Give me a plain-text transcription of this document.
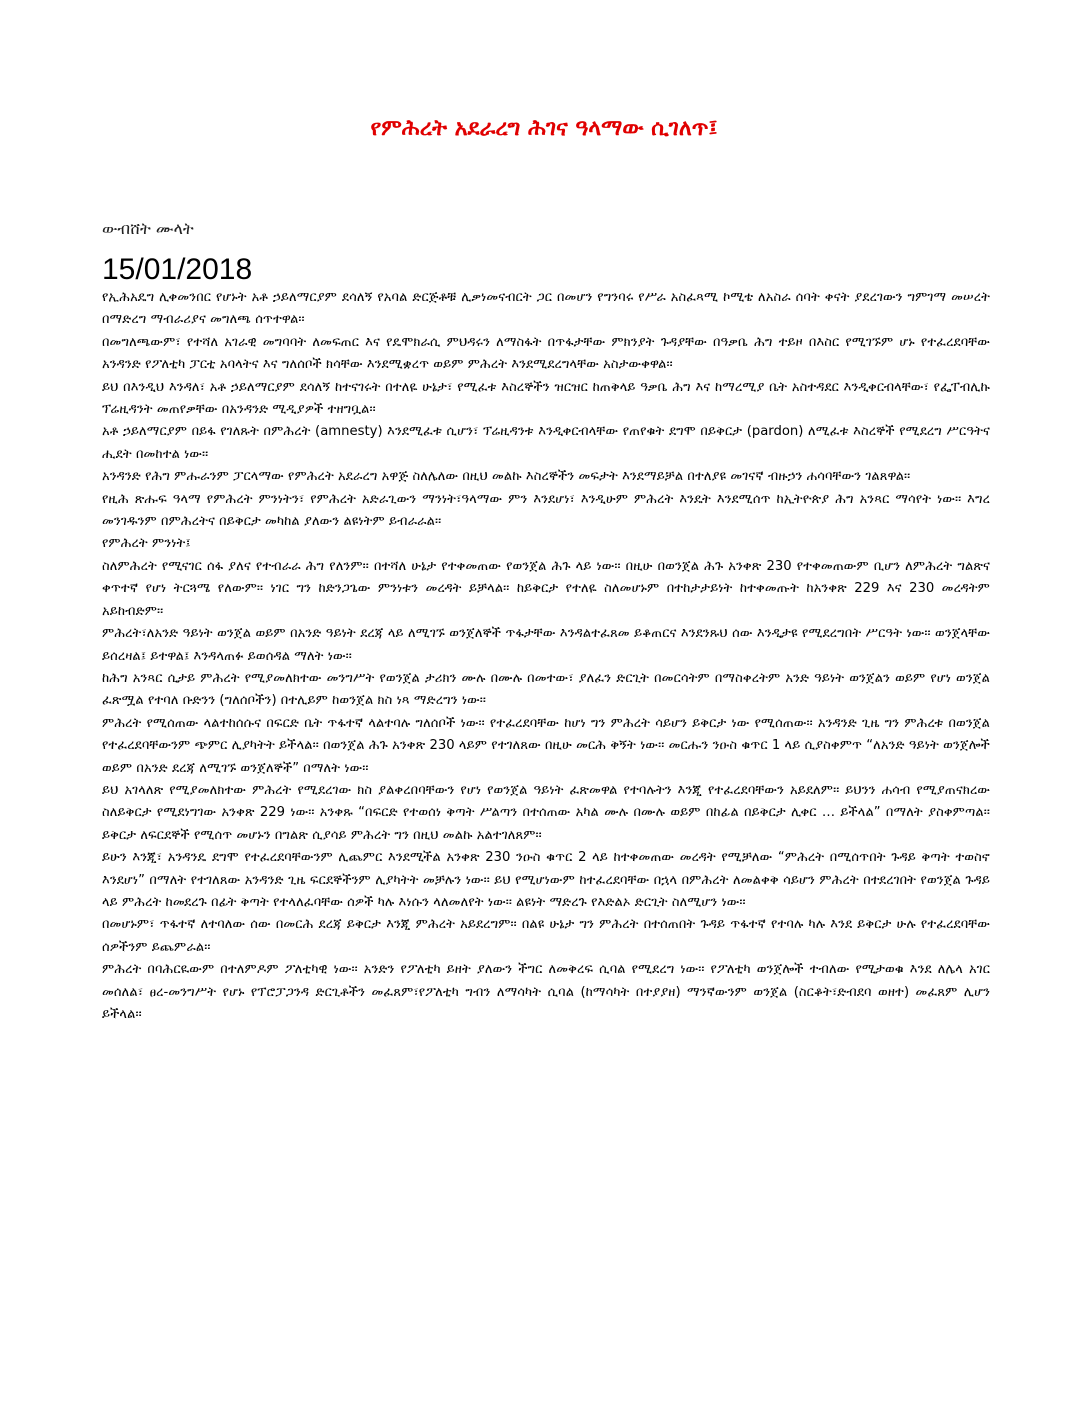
የምሕረት አደራረግ ሕገና ዓላማው ሲገለጥ፤
ውብሸት ሙላት
15/01/2018

የኢሕአዴግ ሊቀመንበር የሆኑት አቶ ኃይለማርያም ደሳለኝ የአባል ድርጅቶቹ ሊቃነመናብርት ጋር በመሆን የግንባሩ የሥራ አስፈጻሚ ኮሚቴ ለአስራ ሰባት ቀናት ያደረገውን ግምገማ መሠረት በማድረግ ማብራሪያና መግለጫ ሰጥተዋል፡፡

በመግለጫውም፣ የተሻለ አገራዊ መግባባት ለመፍጠር እና የዴሞክራሲ ምህዳሩን ለማስፋት በጥፋታቸው ምክንያት ጉዳያቸው በዓቃቤ ሕግ ተይዞ በእስር የሚገኙም ሆኑ የተፈረደባቸው አንዳንድ የፖለቲካ ፓርቲ አባላትና እና ግለሰቦች ክሳቸው እንደሚቋረጥ ወይም ምሕረት እንደሚደረግላቸው አስታውቀዋል፡፡

ይህ በእንዲህ እንዳለ፣ አቶ ኃይለማርያም ደሳለኝ ከተናገሩት በተለዬ ሁኔታ፣ የሚፈቱ እስረኞችን ዝርዝር ከጠቅላይ ዓቃቤ ሕግ እና ከማረሚያ ቤት አስተዳደር እንዲቀርብላቸው፣ የፌፐብሊኩ ፕሬዚዳንት መጠየቃቸው በአንዳንድ ሚዲያዎች ተዘግቧል፡፡

አቶ ኃይለማርያም በይፋ የገለጹት በምሕረት (amnesty) እንደሚፈቱ ሲሆን፣ ፕሬዚዳንቱ እንዲቀርብላቸው የጠየቁት ደግሞ በይቅርታ (pardon) ለሚፈቱ እስረኞች የሚደረግ ሥርዓትና ሒደት በመከተል ነው፡፡

አንዳንድ የሕግ ምሑራንም ፓርላማው የምሕረት አደራረግ አዋጅ ስለሌለው በዚህ መልኩ እስረኞችን መፍታት እንደማይቻል በተለያዩ መገናኛ ብዙኃን ሐሳባቸውን ገልጸዋል፡፡

የዚሕ ጽሑፍ ዓላማ የምሕረት ምንነትን፣ የምሕረት አድራጊውን ማንነት፣ዓላማው ምን እንደሆነ፣ እንዲሁም ምሕረት እንዴት እንደሚሰጥ ከኢትዮጵያ ሕግ አንጻር ማሳየት ነው፡፡ እግረ መንገዱንም በምሕረትና በይቅርታ መካከል ያለውን ልዩነትም ይብራራል፡፡

የምሕረት ምንነት፤

ስለምሕረት የሚናገር ሰፋ ያለና የተብራራ ሕግ የለንም፡፡ በተሻለ ሁኔታ የተቀመጠው የወንጀል ሕጉ ላይ ነው፡፡ በዚሁ በወንጀል ሕጉ አንቀጽ 230 የተቀመጠውም ቢሆን ለምሕረት ግልጽና ቀጥተኛ የሆነ ትርጓሜ የለውም፡፡ ነገር ግን ከድንጋጌው ምንነቱን መረዳት ይቻላል፡፡ ከይቅርታ የተለዬ ስለመሆኑም በተከታታይነት ከተቀመጡት ከአንቀጽ 229 እና 230 መረዳትም አይከብድም፡፡

ምሕረት፣ለአንድ ዓይነት ወንጀል ወይም በአንድ ዓይነት ደረጃ ላይ ለሚገኙ ወንጀለኞች ጥፋታቸው እንዳልተፈጸመ ይቆጠርና እንደንጹህ ሰው እንዲታዩ የሚደረግበት ሥርዓት ነው፡፡ ወንጀላቸው ይሰረዛል፤ ይተዋል፤ እንዳላጠፉ ይወሰዳል ማለት ነው፡፡

ከሕግ አንጻር ሲታይ ምሕረት የሚያመለክተው መንግሥት የወንጀል ታሪክን ሙሉ በሙሉ በመተው፣ ያለፈን ድርጊት በመርሳትም በማስቀረትም አንድ ዓይነት ወንጀልን ወይም የሆነ ወንጀል ፈጽሟል የተባለ ቡድንን (ግለሰቦችን) በተሊይም ከወንጀል ክስ ነጻ ማድረግን ነው፡፡

ምሕረት የሚሰጠው ላልተከሰሱና በፍርድ ቤት ጥፋተኛ ላልተባሉ ግለሰቦች ነው፡፡ የተፈረደባቸው ከሆነ ግን ምሕረት ሳይሆን ይቅርታ ነው የሚሰጠው፡፡ አንዳንድ ጊዜ ግን ምሕረቱ በወንጀል የተፈረደባቸውንም ጭምር ሊያካትት ይችላል፡፡ በወንጀል ሕጉ አንቀጽ 230 ላይም የተገለጸው በዚሁ መርሕ ቅኝት ነው፡፡ መርሑን ንዑስ ቁጥር 1 ላይ ሲያስቀምጥ “ለአንድ ዓይነት ወንጀሎች ወይም በአንድ ደረጃ ለሚገኙ ወንጀለኞች” በማለት ነው፡፡

ይህ አገላለጽ የሚያመለክተው ምሕረት የሚደረገው ክስ ያልቀረበባቸውን የሆነ የወንጀል ዓይነት ፈጽመዋል የተባሉትን እንጂ የተፈረደባቸውን አይደለም፡፡ ይህንን ሐሳብ የሚያጠናክረው ስለይቅርታ የሚደነግገው አንቀጽ 229 ነው፡፡ አንቀጹ “በፍርድ የተወሰነ ቅጣት ሥልጣን በተሰጠው አካል ሙሉ በሙሉ ወይም በከፊል በይቅርታ ሊቀር … ይችላል” በማለት ያስቀምጣል፡፡ ይቅርታ ለፍርደኞች የሚሰጥ መሆኑን በግልጽ ሲያሳይ ምሕረት ግን በዚህ መልኩ አልተገለጸም፡፡

ይሁን እንጂ፣ አንዳንዴ ደግሞ የተፈረደባቸውንም ሊጨምር እንደሚችል አንቀጽ 230 ንዑስ ቁጥር 2 ላይ ከተቀመጠው መረዳት የሚቻለው “ምሕረት በሚሰጥበት ጉዳይ ቅጣት ተወስኖ እንደሆነ” በማለት የተገለጸው አንዳንድ ጊዜ ፍርደኞችንም ሊያካትት መቻሉን ነው፡፡ ይህ የሚሆነውም ከተፈረደባቸው በኋላ በምሕረት ለመልቀቅ ሳይሆን ምሕረት በተደረገበት የወንጀል ጉዳይ ላይ ምሕረት ከመደረጉ በፊት ቅጣት የተላለፈባቸው ሰዎች ካሉ እነሱን ላለመለየት ነው፡፡ ልዩነት ማድረጉ የእድልኦ ድርጊት ስለሚሆን ነው፡፡

በመሆኑም፣ ጥፋተኛ ለተባለው ሰው በመርሕ ደረጃ ይቅርታ እንጂ ምሕረት አይደረግም፡፡ በልዩ ሁኔታ ግን ምሕረት በተሰጠበት ጉዳይ ጥፋተኛ የተባሉ ካሉ እንደ ይቅርታ ሁሉ የተፈረደባቸው ሰዎችንም ይጨምራል፡፡

ምሕረት በባሕርዪውም በተለምዶም ፖለቲካዊ ነው፡፡ አንድን የፖለቲካ ይዘት ያለውን ችግር ለመቅረፍ ሲባል የሚደረግ ነው፡፡ የፖለቲካ ወንጀሎች ተብለው የሚታወቁ እንደ ለሌላ አገር መሰለል፣ ፀረ-መንግሥት የሆኑ የፕሮፓጋንዳ ድርጊቶችን መፈጸም፣የፖለቲካ ግብን ለማሳካት ሲባል (ከማሳካት በተያያዘ) ማንኛውንም ወንጀል (ስርቆት፣ድብደባ ወዘተ) መፈጸም ሊሆን ይችላል፡፡
